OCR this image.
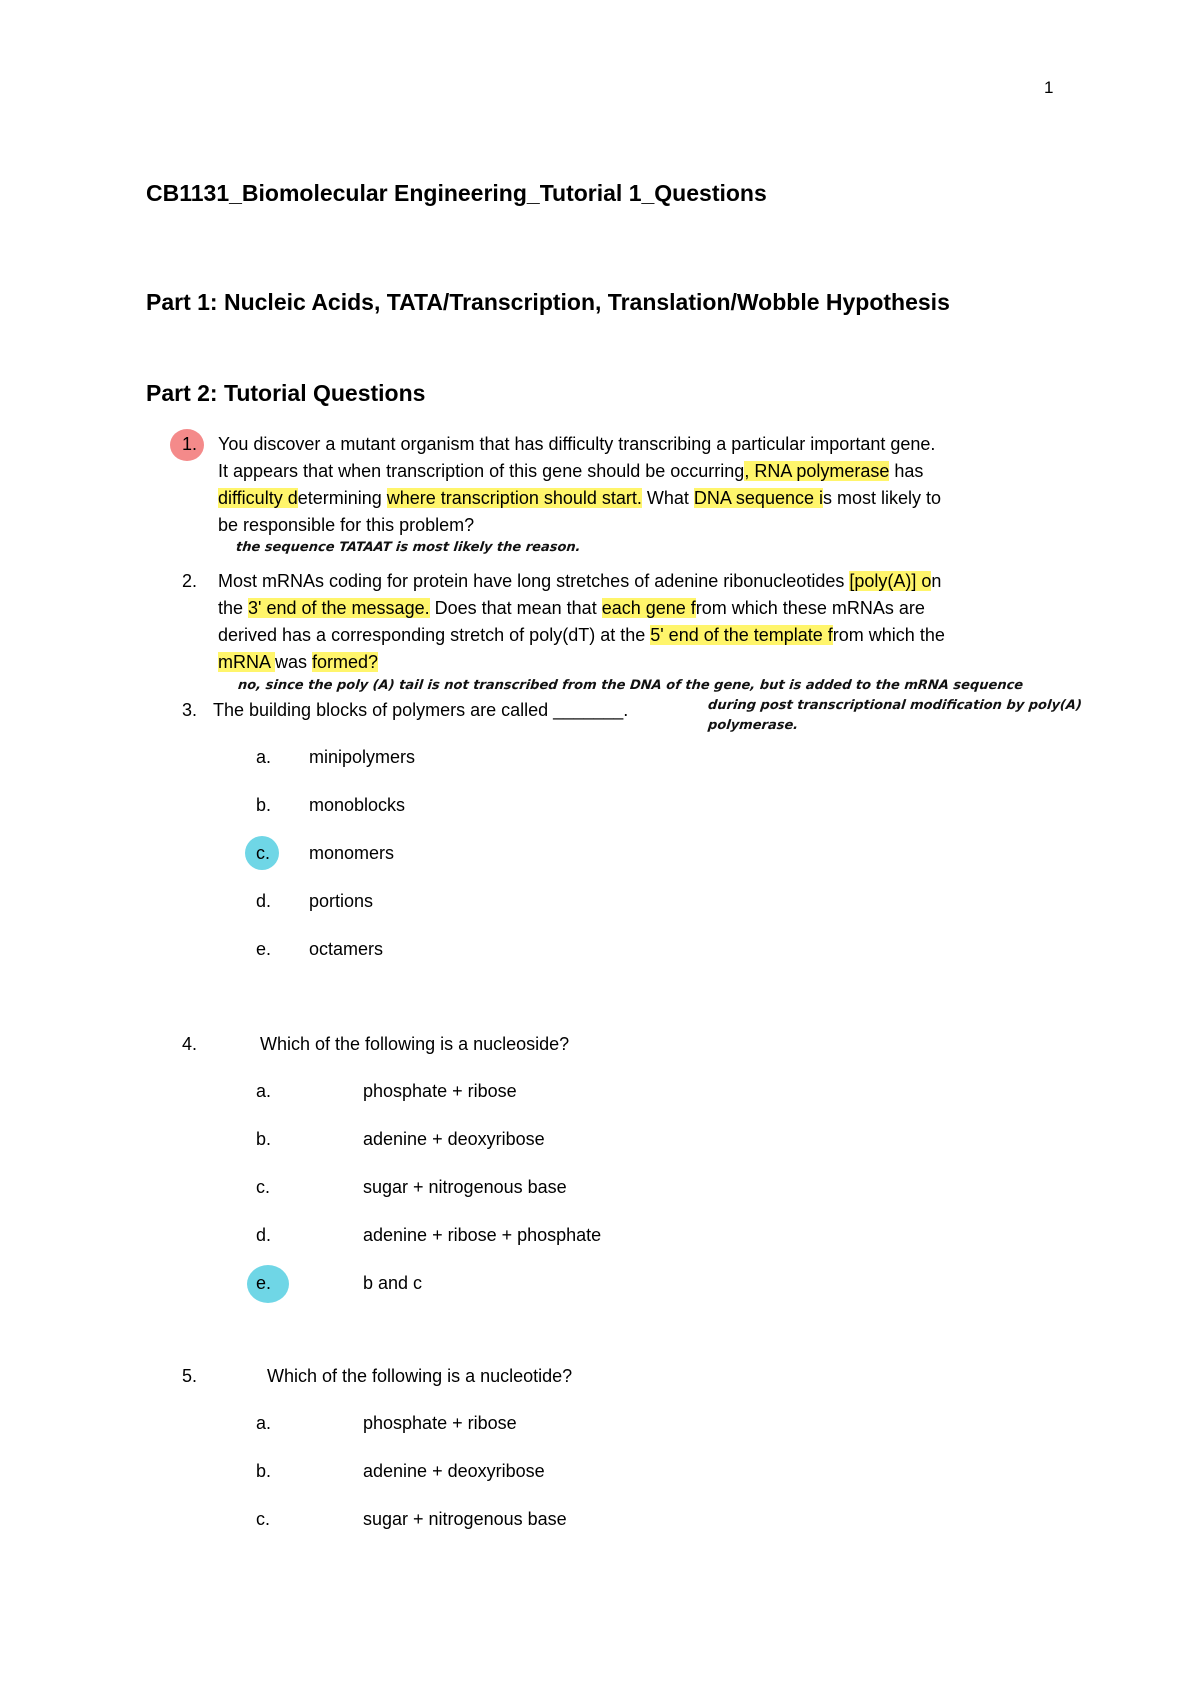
1
CB1131_Biomolecular Engineering_Tutorial 1_Questions
Part 1: Nucleic Acids, TATA/Transcription, Translation/Wobble Hypothesis
Part 2: Tutorial Questions
1. You discover a mutant organism that has difficulty transcribing a particular important gene.
It appears that when transcription of this gene should be occurring, RNA polymerase has
difficulty determining where transcription should start. What DNA sequence is most likely to
be responsible for this problem?
the sequence TATAAT is most likely the reason.
2. Most mRNAs coding for protein have long stretches of adenine ribonucleotides [poly(A)] on
the 3' end of the message. Does that mean that each gene from which these mRNAs are
derived has a corresponding stretch of poly(dT) at the 5' end of the template from which the
mRNA was formed?
no, since the poly (A) tail is not transcribed from the DNA of the gene, but is added to the mRNA sequence
during post transcriptional modification by poly(A)
polymerase.
3. The building blocks of polymers are called _______.
a. minipolymers
b. monoblocks
c. monomers
d. portions
e. octamers
4.	Which of the following is a nucleoside?
a.	phosphate + ribose
b.	adenine + deoxyribose
c.	sugar + nitrogenous base
d.	adenine + ribose + phosphate
e.	b and c
5.	Which of the following is a nucleotide?
a.	phosphate + ribose
b.	adenine + deoxyribose
c.	sugar + nitrogenous base
